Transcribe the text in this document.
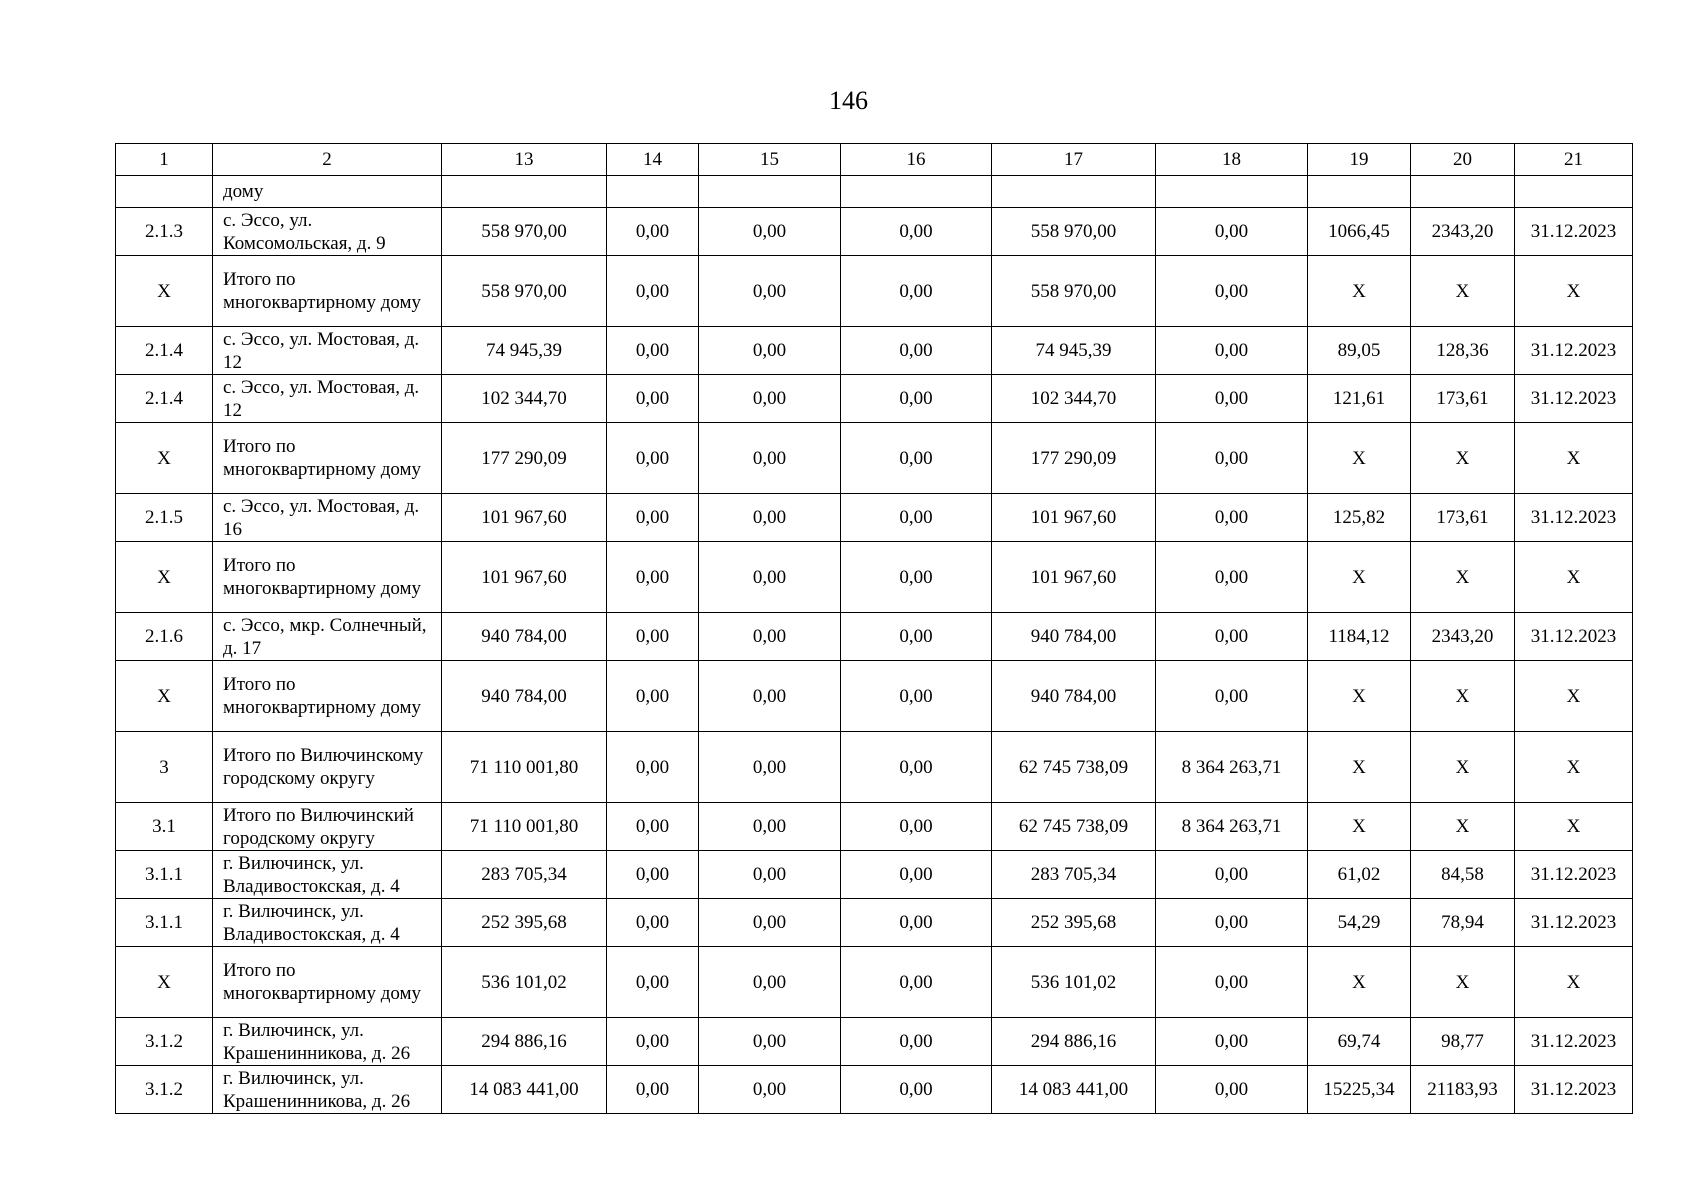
146
1	2	13	14	15	16	17	18	19	20	21
	дому									
2.1.3	с. Эссо, ул. Комсомольская, д. 9	558 970,00	0,00	0,00	0,00	558 970,00	0,00	1066,45	2343,20	31.12.2023
X	Итого по многоквартирному дому	558 970,00	0,00	0,00	0,00	558 970,00	0,00	X	X	X
2.1.4	с. Эссо, ул. Мостовая, д. 12	74 945,39	0,00	0,00	0,00	74 945,39	0,00	89,05	128,36	31.12.2023
2.1.4	с. Эссо, ул. Мостовая, д. 12	102 344,70	0,00	0,00	0,00	102 344,70	0,00	121,61	173,61	31.12.2023
X	Итого по многоквартирному дому	177 290,09	0,00	0,00	0,00	177 290,09	0,00	X	X	X
2.1.5	с. Эссо, ул. Мостовая, д. 16	101 967,60	0,00	0,00	0,00	101 967,60	0,00	125,82	173,61	31.12.2023
X	Итого по многоквартирному дому	101 967,60	0,00	0,00	0,00	101 967,60	0,00	X	X	X
2.1.6	с. Эссо, мкр. Солнечный, д. 17	940 784,00	0,00	0,00	0,00	940 784,00	0,00	1184,12	2343,20	31.12.2023
X	Итого по многоквартирному дому	940 784,00	0,00	0,00	0,00	940 784,00	0,00	X	X	X
3	Итого по Вилючинскому городскому округу	71 110 001,80	0,00	0,00	0,00	62 745 738,09	8 364 263,71	X	X	X
3.1	Итого по Вилючинский городскому округу	71 110 001,80	0,00	0,00	0,00	62 745 738,09	8 364 263,71	X	X	X
3.1.1	г. Вилючинск, ул. Владивостокская, д. 4	283 705,34	0,00	0,00	0,00	283 705,34	0,00	61,02	84,58	31.12.2023
3.1.1	г. Вилючинск, ул. Владивостокская, д. 4	252 395,68	0,00	0,00	0,00	252 395,68	0,00	54,29	78,94	31.12.2023
X	Итого по многоквартирному дому	536 101,02	0,00	0,00	0,00	536 101,02	0,00	X	X	X
3.1.2	г. Вилючинск, ул. Крашенинникова, д. 26	294 886,16	0,00	0,00	0,00	294 886,16	0,00	69,74	98,77	31.12.2023
3.1.2	г. Вилючинск, ул. Крашенинникова, д. 26	14 083 441,00	0,00	0,00	0,00	14 083 441,00	0,00	15225,34	21183,93	31.12.2023
